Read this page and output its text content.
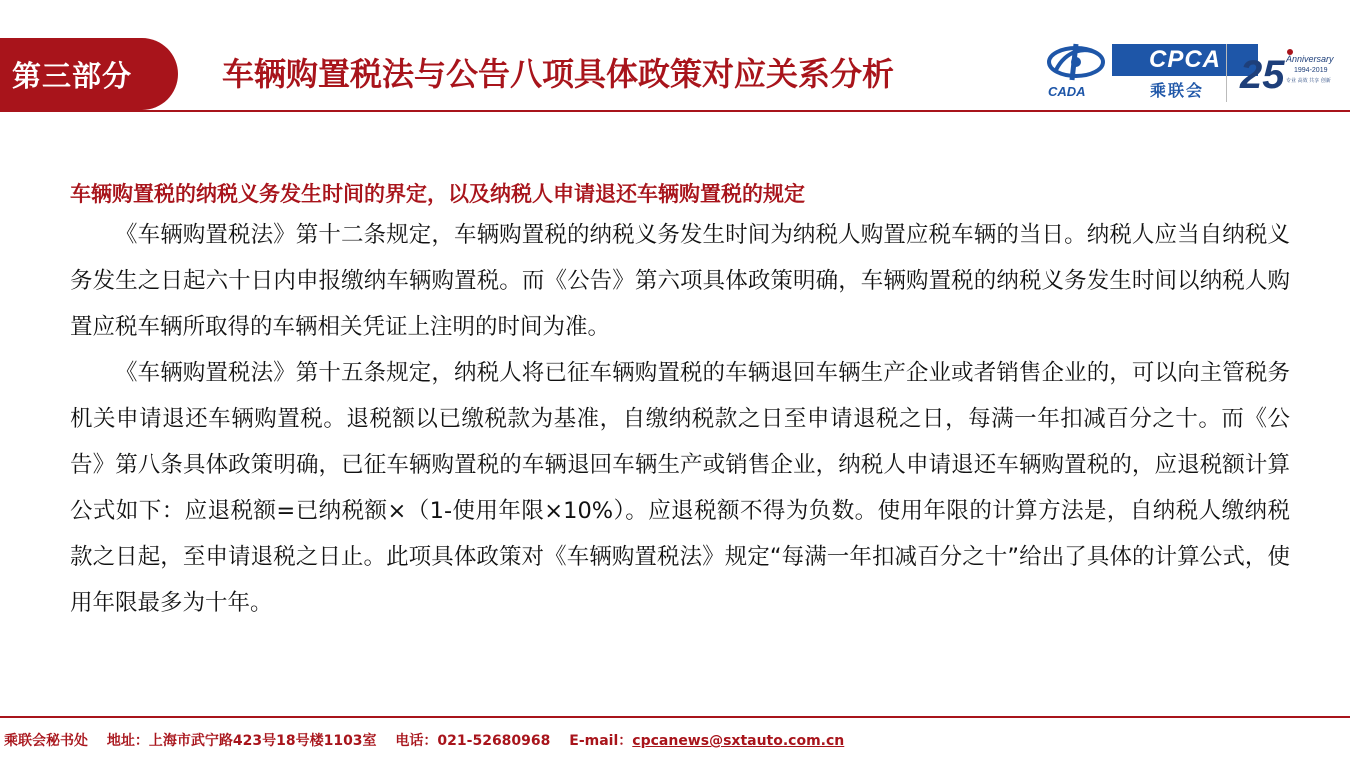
第三部分	车辆购置税法与公告八项具体政策对应关系分析	CADA
CPCA
乘联会 25 Anniversary
1994-2019
专业 高效 共享 创新
车辆购置税的纳税义务发生时间的界定，以及纳税人申请退还车辆购置税的规定

《车辆购置税法》第十二条规定，车辆购置税的纳税义务发生时间为纳税人购置应税车辆的当日。纳税人应当自纳税义务发生之日起六十日内申报缴纳车辆购置税。而《公告》第六项具体政策明确，车辆购置税的纳税义务发生时间以纳税人购置应税车辆所取得的车辆相关凭证上注明的时间为准。

《车辆购置税法》第十五条规定，纳税人将已征车辆购置税的车辆退回车辆生产企业或者销售企业的，可以向主管税务机关申请退还车辆购置税。退税额以已缴税款为基准，自缴纳税款之日至申请退税之日，每满一年扣减百分之十。而《公告》第八条具体政策明确，已征车辆购置税的车辆退回车辆生产或销售企业，纳税人申请退还车辆购置税的，应退税额计算公式如下：应退税额=已纳税额×（1-使用年限×10%）。应退税额不得为负数。使用年限的计算方法是，自纳税人缴纳税款之日起，至申请退税之日止。此项具体政策对《车辆购置税法》规定“每满一年扣减百分之十”给出了具体的计算公式，使用年限最多为十年。

乘联会秘书处 地址：上海市武宁路423号18号楼1103室 电话：021-52680968 E-mail：cpcanews@sxtauto.com.cn
